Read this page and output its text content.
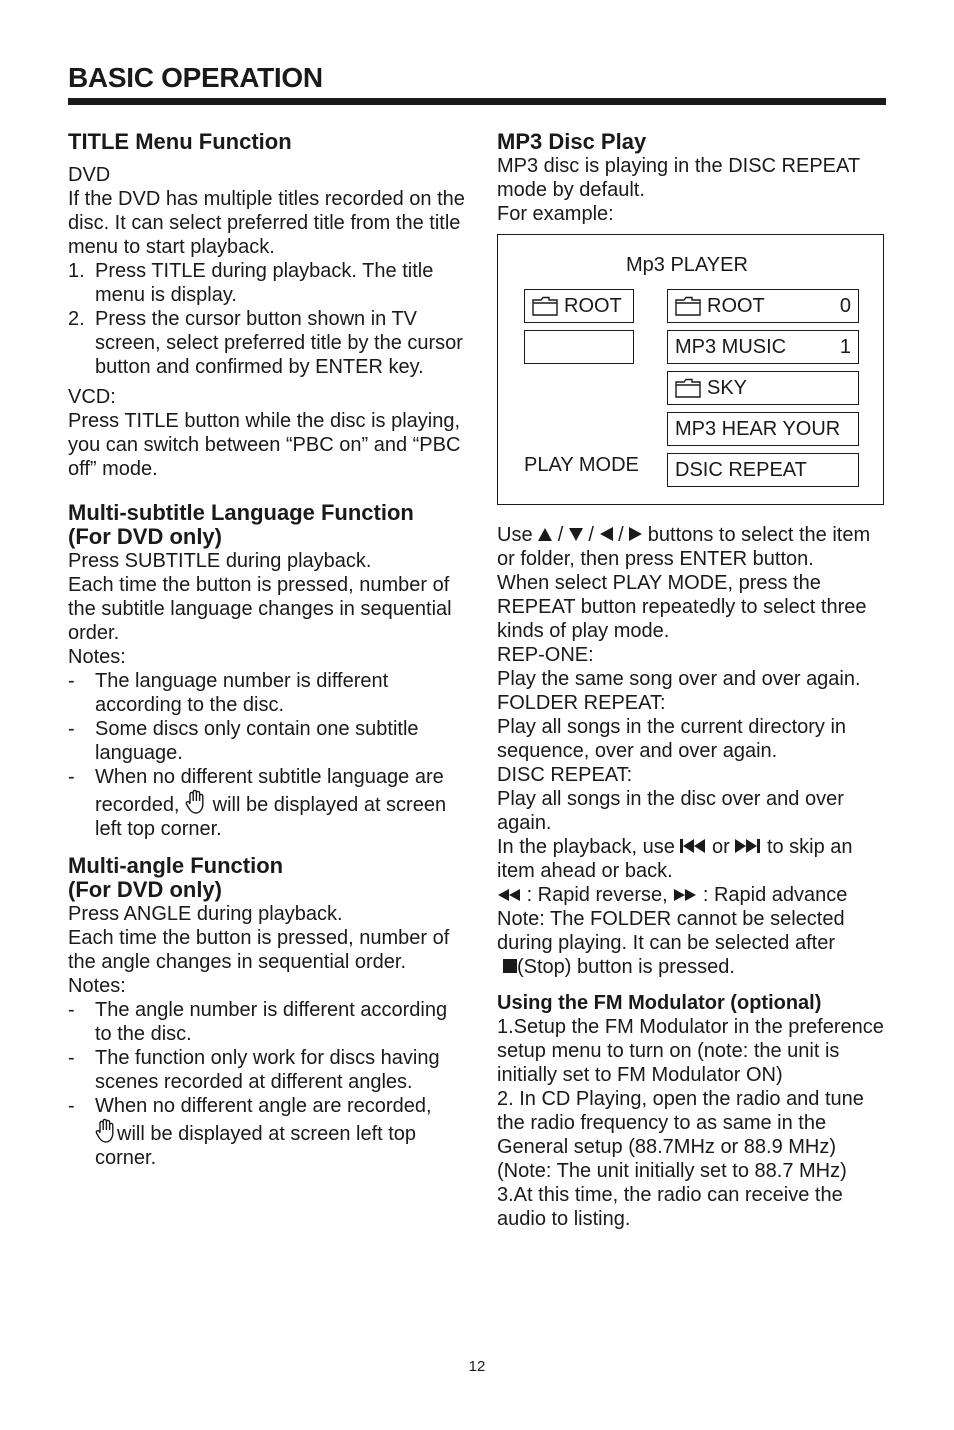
BASIC OPERATION
TITLE Menu Function

DVD

If the DVD has multiple titles recorded on the disc. It can select preferred title from the title menu to start playback.

1. Press TITLE during playback. The title menu is display.
2. Press the cursor button shown in TV screen, select preferred title by the cursor button and confirmed by ENTER key.

VCD:

Press TITLE button while the disc is playing, you can switch between “PBC on” and “PBC off” mode.

Multi-subtitle Language Function
(For DVD only)

Press SUBTITLE during playback.

Each time the button is pressed, number of the subtitle language changes in sequential order.

Notes:

-	The language number is different according to the disc.
-	Some discs only contain one subtitle language.
-	When no different subtitle language are recorded,  will be displayed at screen left top corner.
Multi-angle Function
(For DVD only)

Press ANGLE during playback.

Each time the button is pressed, number of the angle changes in sequential order.

Notes:

-	The angle number is different according to the disc.
-	The function only work for discs having scenes recorded at different angles.
-	When no different angle are recorded,
will be displayed at screen left top corner.
MP3 Disc Play

MP3 disc is playing in the DISC REPEAT mode by default.

For example:

Mp3 PLAYER
ROOT	ROOT	0
MP3 MUSIC	1
SKY
MP3 HEAR YOUR
DSIC REPEAT
PLAY MODE

Use / / / buttons to select the item or folder, then press ENTER button.

When select PLAY MODE, press the REPEAT button repeatedly to select three kinds of play mode.

REP-ONE:

Play the same song over and over again.

FOLDER REPEAT:

Play all songs in the current directory in sequence, over and over again.

DISC REPEAT:

Play all songs in the disc over and over again.

In the playback, use or to skip an item ahead or back.

: Rapid reverse, : Rapid advance

Note: The FOLDER cannot be selected during playing. It can be selected after

(Stop) button is pressed.

Using the FM Modulator (optional)

1.Setup the FM Modulator in the preference setup menu to turn on (note: the unit is initially set to FM Modulator ON)

2. In CD Playing, open the radio and tune the radio frequency to as same in the General setup (88.7MHz or 88.9 MHz) (Note: The unit initially set to 88.7 MHz)

3.At this time, the radio can receive the audio to listing.

12
